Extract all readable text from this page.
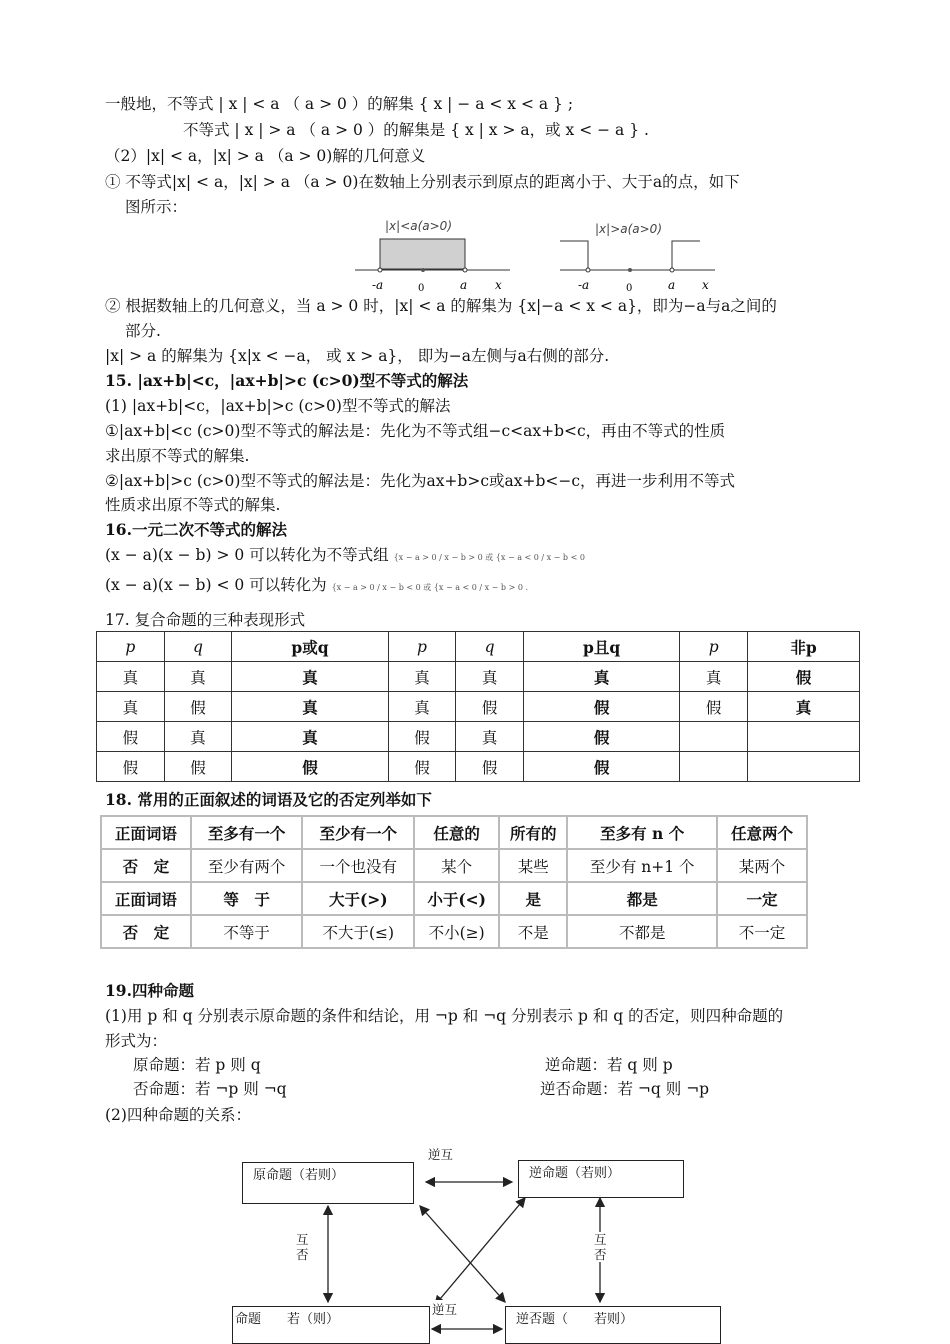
一般地，不等式 | x | < a （ a > 0 ）的解集 { x | − a < x < a } ;
不等式 | x | > a （ a > 0 ）的解集是 { x | x > a，或 x < − a } .
（2）|x| < a，|x| > a （a > 0)解的几何意义
① 不等式|x| < a，|x| > a （a > 0)在数轴上分别表示到原点的距离小于、大于a的点，如下
图所示：
|x|<a(a>0)
-a	0	a x
|x|>a(a>0)
-a	0	a x
② 根据数轴上的几何意义，当 a > 0 时，|x| < a 的解集为 {x|−a < x < a}，即为−a与a之间的
部分.
|x| > a 的解集为 {x|x < −a， 或 x > a}， 即为−a左侧与a右侧的部分.
15. |ax+b|<c，|ax+b|>c (c>0)型不等式的解法
(1) |ax+b|<c，|ax+b|>c (c>0)型不等式的解法
①|ax+b|<c (c>0)型不等式的解法是：先化为不等式组−c<ax+b<c，再由不等式的性质
求出原不等式的解集.
②|ax+b|>c (c>0)型不等式的解法是：先化为ax+b>c或ax+b<−c，再进一步利用不等式
性质求出原不等式的解集.
16.一元二次不等式的解法
(x − a)(x − b) > 0 可以转化为不等式组 {x − a > 0 / x − b > 0 或 {x − a < 0 / x − b < 0
(x − a)(x − b) < 0 可以转化为 {x − a > 0 / x − b < 0 或 {x − a < 0 / x − b > 0 .
17. 复合命题的三种表现形式
p	q	p或q	p	q	p且q	p	非p
真	真	真	真	真	真	真	假
真	假	真	真	假	假	假	真
假	真	真	假	真	假		
假	假	假	假	假	假		
18. 常用的正面叙述的词语及它的否定列举如下
正面词语	至多有一个	至少有一个	任意的	所有的	至多有 n 个	任意两个
否　定	至少有两个	一个也没有	某个	某些	至少有 n+1 个	某两个
正面词语	等　于	大于(>)	小于(<)	是	都是	一定
否　定	不等于	不大于(≤)	不小(≥)	不是	不都是	不一定
19.四种命题
(1)用 p 和 q 分别表示原命题的条件和结论，用 ¬p 和 ¬q 分别表示 p 和 q 的否定，则四种命题的
形式为：
原命题：若 p 则 q	逆命题：若 q 则 p
否命题：若 ¬p 则 ¬q	逆否命题：若 ¬q 则 ¬p
(2)四种命题的关系：
原命题（若则）	逆命题（若则）
命题　　若（则）	逆否题（　　若则）
逆互
逆互
互否
互否
